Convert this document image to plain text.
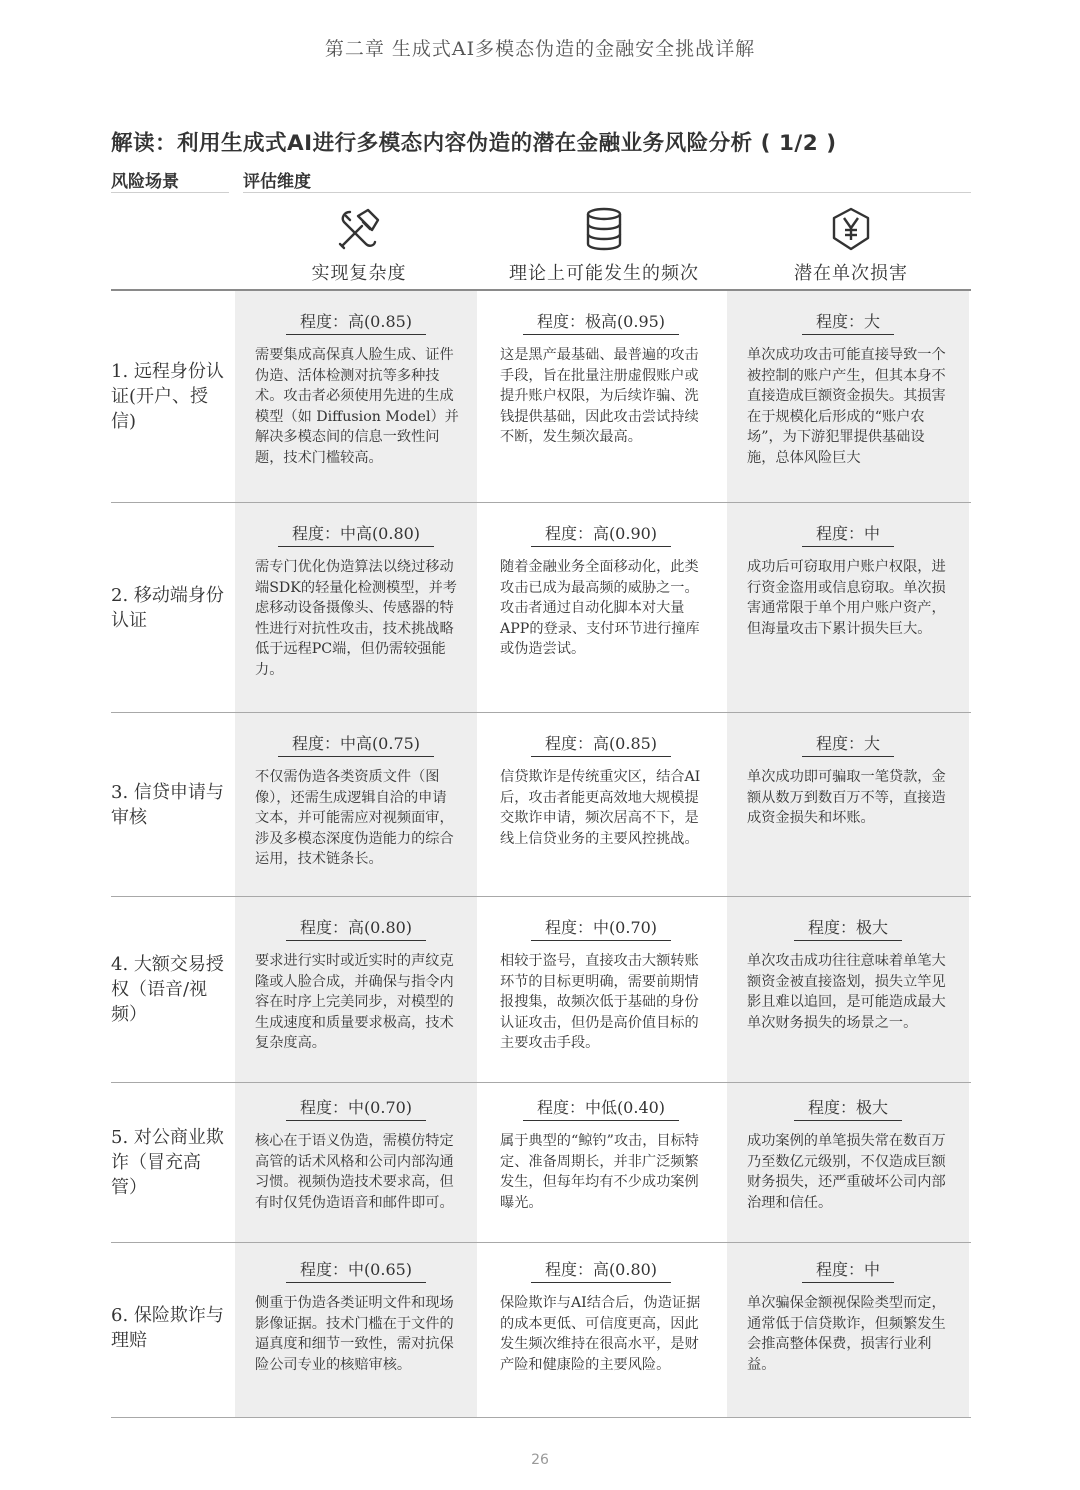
第二章 生成式AI多模态伪造的金融安全挑战详解
解读：利用生成式AI进行多模态内容伪造的潜在金融业务风险分析 ( 1/2 )
风险场景	评估维度
实现复杂度	理论上可能发生的频次	潜在单次损害
1. 远程身份认证(开户、授信)
程度：高(0.85)
需要集成高保真人脸生成、证件伪造、活体检测对抗等多种技术。攻击者必须使用先进的生成模型（如 Diffusion Model）并解决多模态间的信息一致性问题，技术门槛较高。
程度：极高(0.95)
这是黑产最基础、最普遍的攻击手段，旨在批量注册虚假账户或提升账户权限，为后续诈骗、洗钱提供基础，因此攻击尝试持续不断，发生频次最高。
程度：大
单次成功攻击可能直接导致一个被控制的账户产生，但其本身不直接造成巨额资金损失。其损害在于规模化后形成的“账户农场”，为下游犯罪提供基础设施，总体风险巨大
2. 移动端身份认证
程度：中高(0.80)
需专门优化伪造算法以绕过移动端SDK的轻量化检测模型，并考虑移动设备摄像头、传感器的特性进行对抗性攻击，技术挑战略低于远程PC端，但仍需较强能力。
程度：高(0.90)
随着金融业务全面移动化，此类攻击已成为最高频的威胁之一。攻击者通过自动化脚本对大量APP的登录、支付环节进行撞库或伪造尝试。
程度：中
成功后可窃取用户账户权限，进行资金盗用或信息窃取。单次损害通常限于单个用户账户资产，但海量攻击下累计损失巨大。
3. 信贷申请与审核
程度：中高(0.75)
不仅需伪造各类资质文件（图像），还需生成逻辑自洽的申请文本，并可能需应对视频面审，涉及多模态深度伪造能力的综合运用，技术链条长。
程度：高(0.85)
信贷欺诈是传统重灾区，结合AI后，攻击者能更高效地大规模提交欺诈申请，频次居高不下，是线上信贷业务的主要风控挑战。
程度：大
单次成功即可骗取一笔贷款，金额从数万到数百万不等，直接造成资金损失和坏账。
4. 大额交易授权（语音/视频）
程度：高(0.80)
要求进行实时或近实时的声纹克隆或人脸合成，并确保与指令内容在时序上完美同步，对模型的生成速度和质量要求极高，技术复杂度高。
程度：中(0.70)
相较于盗号，直接攻击大额转账环节的目标更明确，需要前期情报搜集，故频次低于基础的身份认证攻击，但仍是高价值目标的主要攻击手段。
程度：极大
单次攻击成功往往意味着单笔大额资金被直接盗划，损失立竿见影且难以追回，是可能造成最大单次财务损失的场景之一。
5. 对公商业欺诈（冒充高管）
程度：中(0.70)
核心在于语义伪造，需模仿特定高管的话术风格和公司内部沟通习惯。视频伪造技术要求高，但有时仅凭伪造语音和邮件即可。
程度：中低(0.40)
属于典型的“鲸钓”攻击，目标特定、准备周期长，并非广泛频繁发生，但每年均有不少成功案例曝光。
程度：极大
成功案例的单笔损失常在数百万乃至数亿元级别，不仅造成巨额财务损失，还严重破坏公司内部治理和信任。
6. 保险欺诈与理赔
程度：中(0.65)
侧重于伪造各类证明文件和现场影像证据。技术门槛在于文件的逼真度和细节一致性，需对抗保险公司专业的核赔审核。
程度：高(0.80)
保险欺诈与AI结合后，伪造证据的成本更低、可信度更高，因此发生频次维持在很高水平，是财产险和健康险的主要风险。
程度：中
单次骗保金额视保险类型而定，通常低于信贷欺诈，但频繁发生会推高整体保费，损害行业利益。
26
